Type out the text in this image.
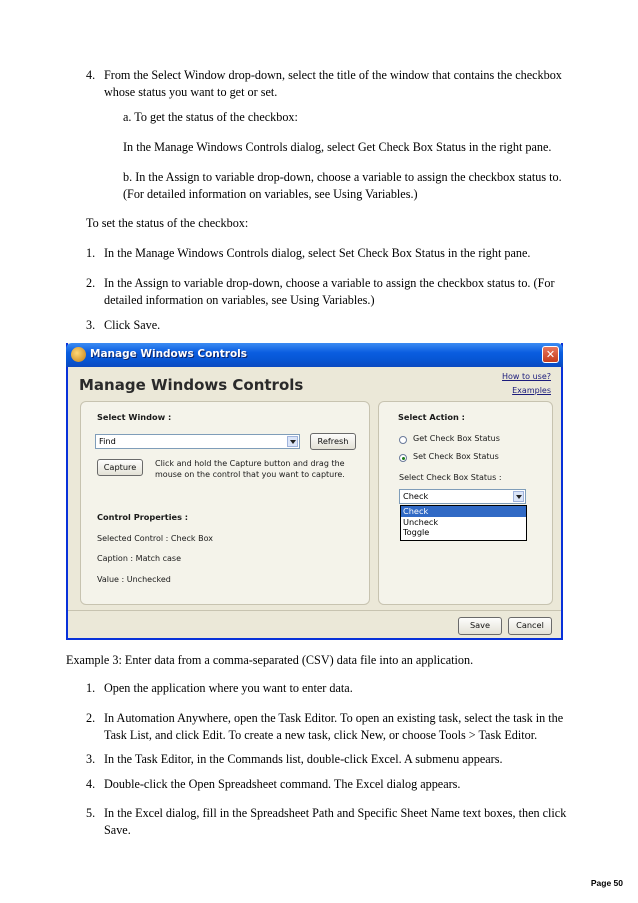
4. From the Select Window drop-down, select the title of the window that contains the checkbox
whose status you want to get or set.
a. To get the status of the checkbox:
In the Manage Windows Controls dialog, select Get Check Box Status in the right pane.
b. In the Assign to variable drop-down, choose a variable to assign the checkbox status to.
(For detailed information on variables, see Using Variables.)
To set the status of the checkbox:
1. In the Manage Windows Controls dialog, select Set Check Box Status in the right pane.
2. In the Assign to variable drop-down, choose a variable to assign the checkbox status to. (For
detailed information on variables, see Using Variables.)
3. Click Save.
Manage Windows Controls	✕
Manage Windows Controls	How to use?
Examples
Select Window :
Find	Refresh
Capture	Click and hold the Capture button and drag the
mouse on the control that you want to capture.
Control Properties :
Selected Control : Check Box
Caption : Match case
Value : Unchecked
Select Action :
Get Check Box Status
Set Check Box Status
Select Check Box Status :
Check
Check
Uncheck
Toggle
Save	Cancel
Example 3: Enter data from a comma-separated (CSV) data file into an application.
1. Open the application where you want to enter data.
2. In Automation Anywhere, open the Task Editor. To open an existing task, select the task in the
Task List, and click Edit. To create a new task, click New, or choose Tools > Task Editor.
3. In the Task Editor, in the Commands list, double-click Excel. A submenu appears.
4. Double-click the Open Spreadsheet command. The Excel dialog appears.
5. In the Excel dialog, fill in the Spreadsheet Path and Specific Sheet Name text boxes, then click
Save.
Page 50
